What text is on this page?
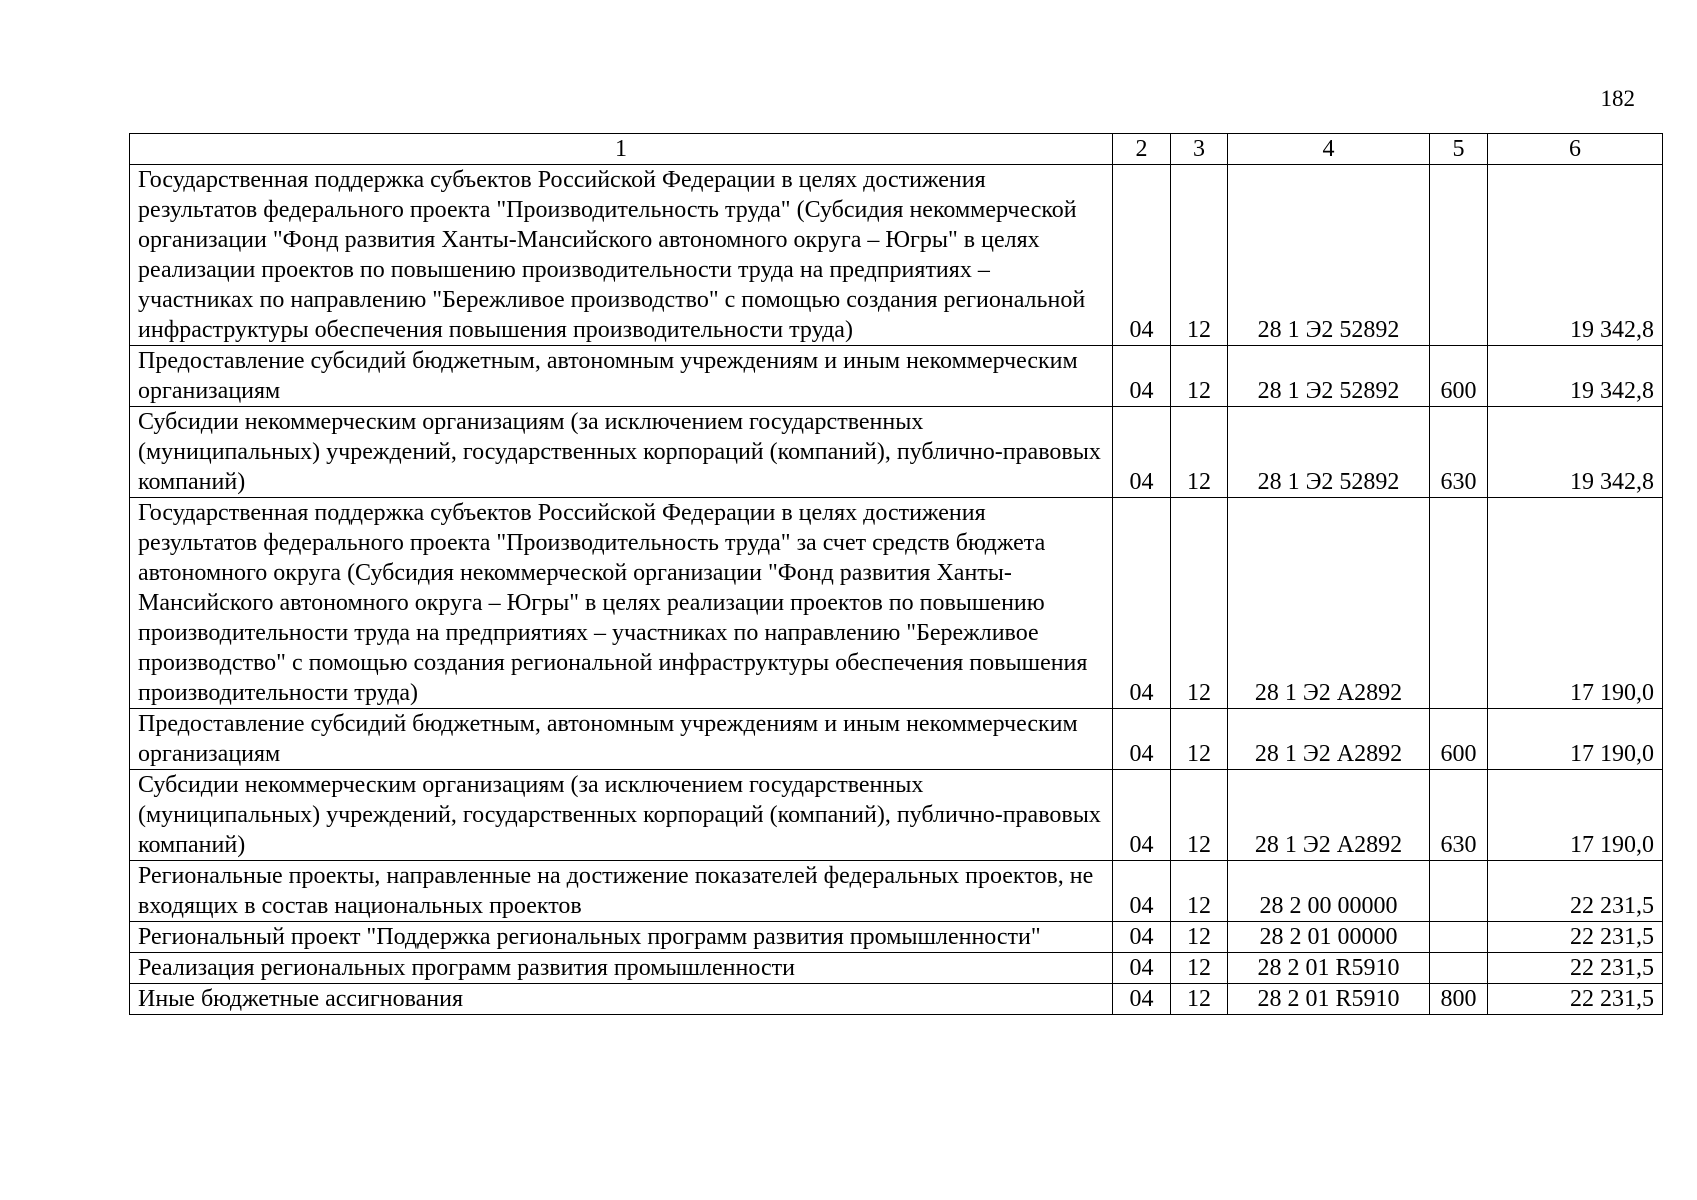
182
1	2	3	4	5	6
Государственная поддержка субъектов Российской Федерации в целях достижения результатов федерального проекта "Производительность труда" (Субсидия некоммерческой организации "Фонд развития Ханты-Мансийского автономного округа – Югры" в целях реализации проектов по повышению производительности труда на предприятиях – участниках по направлению "Бережливое производство" с помощью создания региональной инфраструктуры обеспечения повышения производительности труда)	04	12	28 1 Э2 52892		19 342,8
Предоставление субсидий бюджетным, автономным учреждениям и иным некоммерческим организациям	04	12	28 1 Э2 52892	600	19 342,8
Субсидии некоммерческим организациям (за исключением государственных (муниципальных) учреждений, государственных корпораций (компаний), публично-правовых компаний)	04	12	28 1 Э2 52892	630	19 342,8
Государственная поддержка субъектов Российской Федерации в целях достижения результатов федерального проекта "Производительность труда" за счет средств бюджета автономного округа (Субсидия некоммерческой организации "Фонд развития Ханты-Мансийского автономного округа – Югры" в целях реализации проектов по повышению производительности труда на предприятиях – участниках по направлению "Бережливое производство" с помощью создания региональной инфраструктуры обеспечения повышения производительности труда)	04	12	28 1 Э2 А2892		17 190,0
Предоставление субсидий бюджетным, автономным учреждениям и иным некоммерческим организациям	04	12	28 1 Э2 А2892	600	17 190,0
Субсидии некоммерческим организациям (за исключением государственных (муниципальных) учреждений, государственных корпораций (компаний), публично-правовых компаний)	04	12	28 1 Э2 А2892	630	17 190,0
Региональные проекты, направленные на достижение показателей федеральных проектов, не входящих в состав национальных проектов	04	12	28 2 00 00000		22 231,5
Региональный проект "Поддержка региональных программ развития промышленности"	04	12	28 2 01 00000		22 231,5
Реализация региональных программ развития промышленности	04	12	28 2 01 R5910		22 231,5
Иные бюджетные ассигнования	04	12	28 2 01 R5910	800	22 231,5
